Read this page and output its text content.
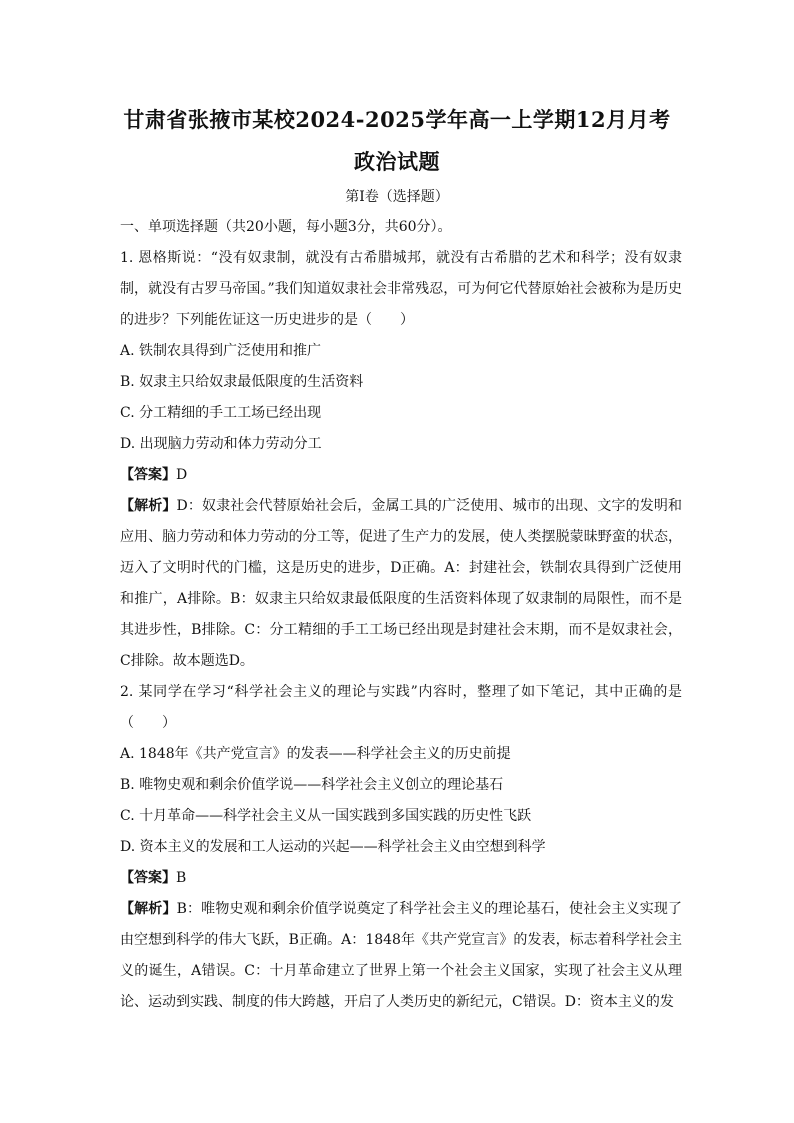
甘肃省张掖市某校2024-2025学年高一上学期12月月考
政治试题
第Ⅰ卷（选择题）

一、单项选择题（共20小题，每小题3分，共60分）。

1. 恩格斯说：“没有奴隶制，就没有古希腊城邦，就没有古希腊的艺术和科学；没有奴隶制，就没有古罗马帝国。”我们知道奴隶社会非常残忍，可为何它代替原始社会被称为是历史的进步？下列能佐证这一历史进步的是（　　）

A. 铁制农具得到广泛使用和推广

B. 奴隶主只给奴隶最低限度的生活资料

C. 分工精细的手工工场已经出现

D. 出现脑力劳动和体力劳动分工

【答案】D

【解析】D：奴隶社会代替原始社会后，金属工具的广泛使用、城市的出现、文字的发明和应用、脑力劳动和体力劳动的分工等，促进了生产力的发展，使人类摆脱蒙昧野蛮的状态，迈入了文明时代的门槛，这是历史的进步，D正确。A：封建社会，铁制农具得到广泛使用和推广，A排除。B：奴隶主只给奴隶最低限度的生活资料体现了奴隶制的局限性，而不是其进步性，B排除。C：分工精细的手工工场已经出现是封建社会末期，而不是奴隶社会，C排除。故本题选D。

2. 某同学在学习“科学社会主义的理论与实践”内容时，整理了如下笔记，其中正确的是（　　）

A. 1848年《共产党宣言》的发表——科学社会主义的历史前提

B. 唯物史观和剩余价值学说——科学社会主义创立的理论基石

C. 十月革命——科学社会主义从一国实践到多国实践的历史性飞跃

D. 资本主义的发展和工人运动的兴起——科学社会主义由空想到科学

【答案】B

【解析】B：唯物史观和剩余价值学说奠定了科学社会主义的理论基石，使社会主义实现了由空想到科学的伟大飞跃，B正确。A：1848年《共产党宣言》的发表，标志着科学社会主义的诞生，A错误。C：十月革命建立了世界上第一个社会主义国家，实现了社会主义从理论、运动到实践、制度的伟大跨越，开启了人类历史的新纪元，C错误。D：资本主义的发
